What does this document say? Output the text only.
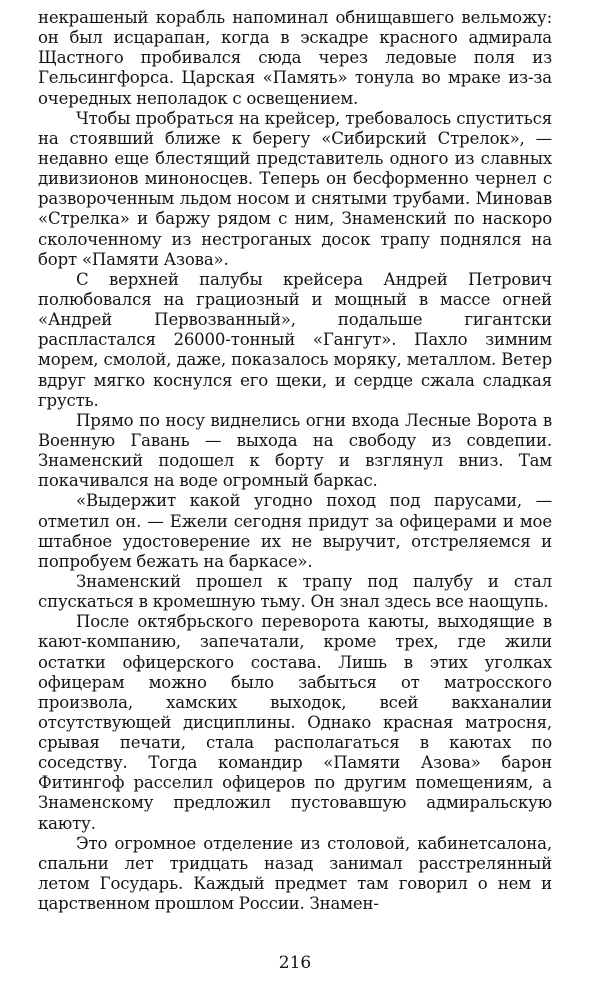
некрашеный корабль напоминал обнищавшего вельможу: он был исцарапан, когда в эскадре красного адмирала Щастного пробивался сюда через ледовые поля из Гельсингфорса. Царская «Память» тонула во мраке из-за очередных неполадок с освещением.

Чтобы пробраться на крейсер, требовалось спуститься на стоявший ближе к берегу «Сибирский Стрелок», — недавно еще блестящий представитель одного из славных дивизионов миноносцев. Теперь он бесформенно чернел с развороченным льдом носом и снятыми трубами. Миновав «Стрелка» и баржу рядом с ним, Знаменский по наскоро сколоченному из нестроганых досок трапу поднялся на борт «Памяти Азова».

С верхней палубы крейсера Андрей Петрович полюбовался на грациозный и мощный в массе огней «Андрей Первозванный», подальше гигантски распластался 26000-тонный «Гангут». Пахло зимним морем, смолой, даже, показалось моряку, металлом. Ветер вдруг мягко коснулся его щеки, и сердце сжала сладкая грусть.

Прямо по носу виднелись огни входа Лесные Ворота в Военную Гавань — выхода на свободу из совдепии. Знаменский подошел к борту и взглянул вниз. Там покачивался на воде огромный баркас.

«Выдержит какой угодно поход под парусами, — отметил он. — Ежели сегодня придут за офицерами и мое штабное удостоверение их не выручит, отстреляемся и попробуем бежать на баркасе».

Знаменский прошел к трапу под палубу и стал спускаться в кромешную тьму. Он знал здесь все наощупь.

После октябрьского переворота каюты, выходящие в кают-компанию, запечатали, кроме трех, где жили остатки офицерского состава. Лишь в этих уголках офицерам можно было забыться от матросского произвола, хамских выходок, всей вакханалии отсутствующей дисциплины. Однако красная матросня, срывая печати, стала располагаться в каютах по соседству. Тогда командир «Памяти Азова» барон Фитингоф расселил офицеров по другим помещениям, а Знаменскому предложил пустовавшую адмиральскую каюту.

Это огромное отделение из столовой, кабинетсалона, спальни лет тридцать назад занимал расстрелянный летом Государь. Каждый предмет там говорил о нем и царственном прошлом России. Знамен-

216
